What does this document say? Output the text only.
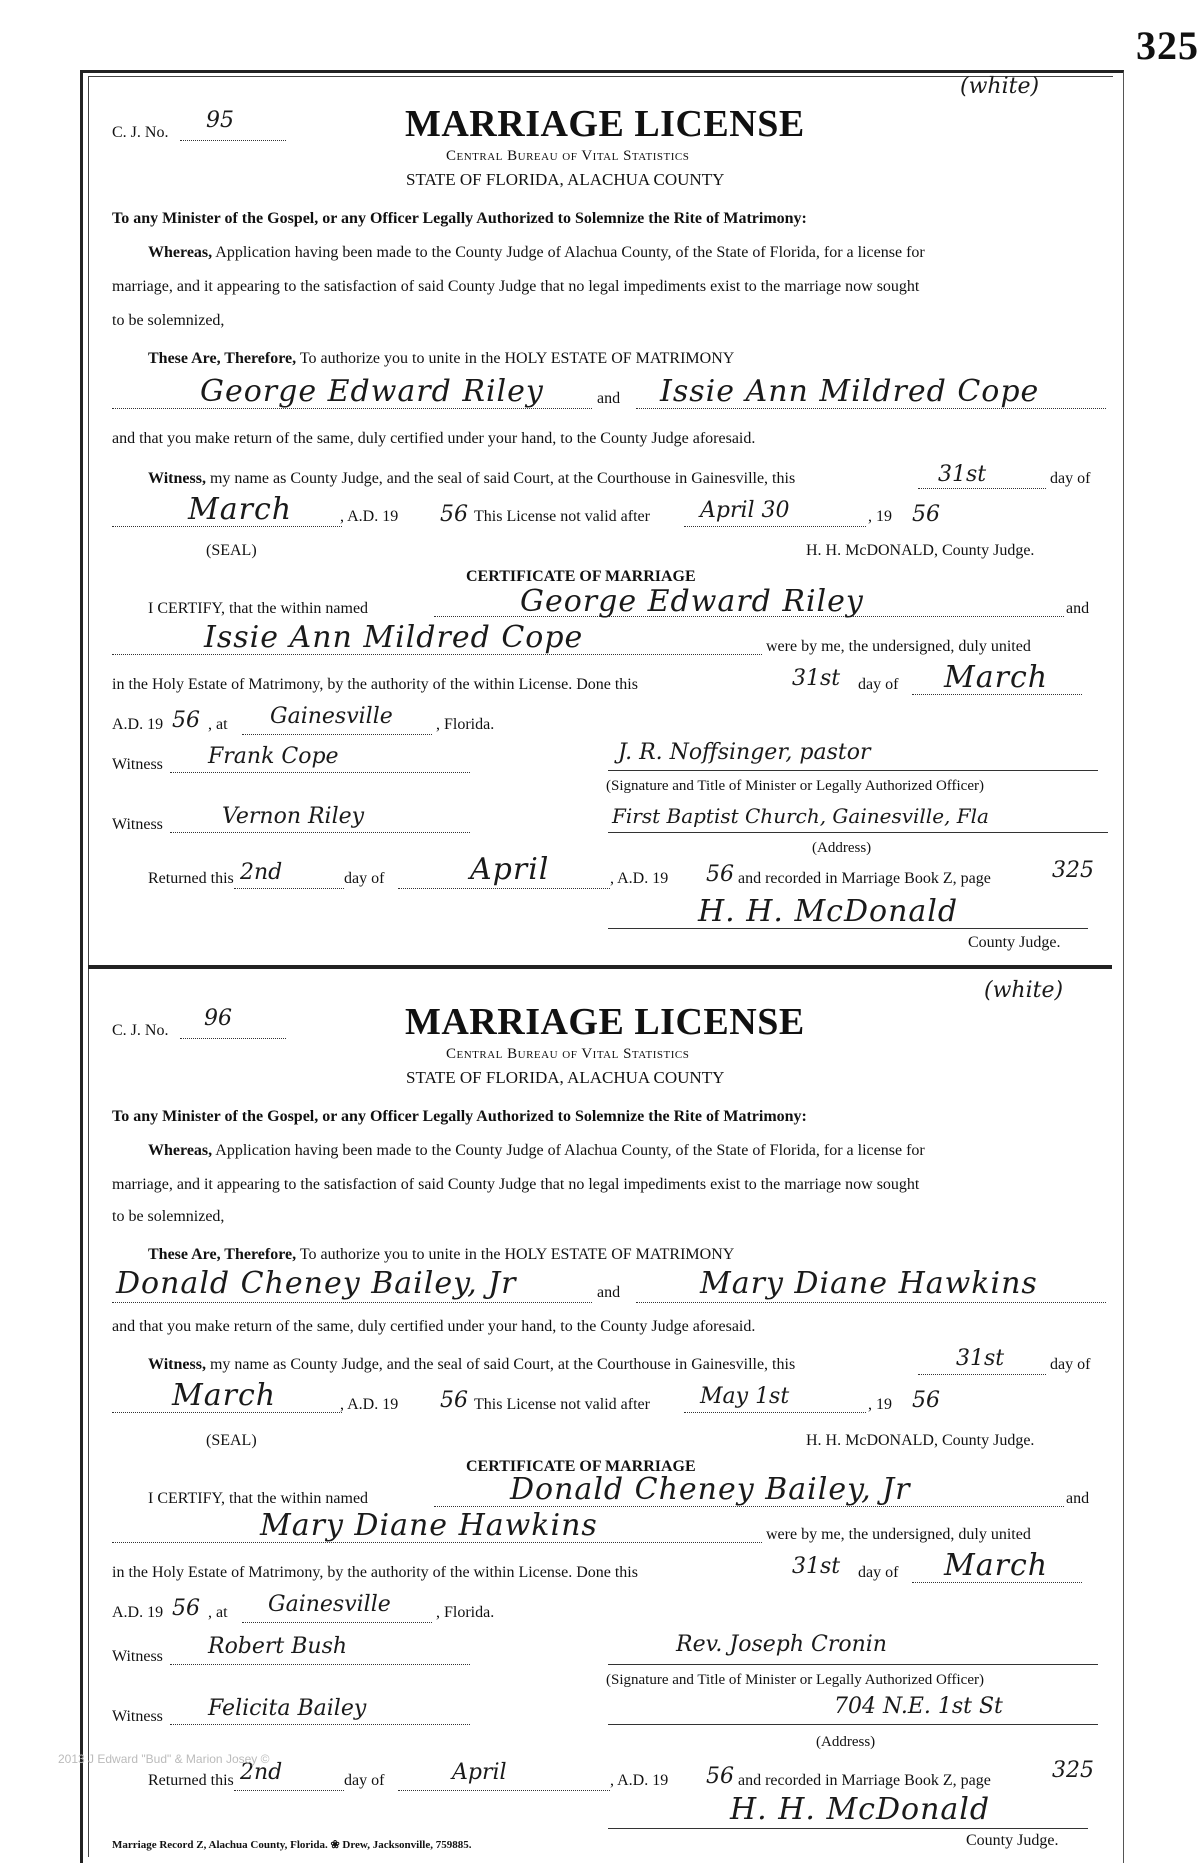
325
(white)
C. J. No. 95	MARRIAGE LICENSE
Central Bureau of Vital Statistics
STATE OF FLORIDA, ALACHUA COUNTY
To any Minister of the Gospel, or any Officer Legally Authorized to Solemnize the Rite of Matrimony:
Whereas, Application having been made to the County Judge of Alachua County, of the State of Florida, for a license for
marriage, and it appearing to the satisfaction of said County Judge that no legal impediments exist to the marriage now sought
to be solemnized,
These Are, Therefore, To authorize you to unite in the HOLY ESTATE OF MATRIMONY
George Edward Riley	and Issie Ann Mildred Cope
and that you make return of the same, duly certified under your hand, to the County Judge aforesaid.
Witness, my name as County Judge, and the seal of said Court, at the Courthouse in Gainesville, this	31st	day of
March	, A.D. 19 56 This License not valid after April 30	, 19 56
(SEAL)	H. H. McDONALD, County Judge.
CERTIFICATE OF MARRIAGE
I CERTIFY, that the within named	George Edward Riley	and
Issie Ann Mildred Cope	were by me, the undersigned, duly united
in the Holy Estate of Matrimony, by the authority of the within License. Done this	31st day of March
A.D. 19 56 , at Gainesville	, Florida.
Witness Frank Cope	J. R. Noffsinger, pastor
(Signature and Title of Minister or Legally Authorized Officer)
Witness	Vernon Riley	First Baptist Church, Gainesville, Fla
(Address)
Returned this 2nd	day of	April	, A.D. 19 56 and recorded in Marriage Book Z, page	325
H. H. McDonald
County Judge.
(white)
C. J. No. 96	MARRIAGE LICENSE
Central Bureau of Vital Statistics
STATE OF FLORIDA, ALACHUA COUNTY
To any Minister of the Gospel, or any Officer Legally Authorized to Solemnize the Rite of Matrimony:
Whereas, Application having been made to the County Judge of Alachua County, of the State of Florida, for a license for
marriage, and it appearing to the satisfaction of said County Judge that no legal impediments exist to the marriage now sought
to be solemnized,
These Are, Therefore, To authorize you to unite in the HOLY ESTATE OF MATRIMONY
Donald Cheney Bailey, Jr	and	Mary Diane Hawkins
and that you make return of the same, duly certified under your hand, to the County Judge aforesaid.
Witness, my name as County Judge, and the seal of said Court, at the Courthouse in Gainesville, this	31st	day of
March	, A.D. 19 56 This License not valid after May 1st	, 19 56
(SEAL)	H. H. McDONALD, County Judge.
CERTIFICATE OF MARRIAGE
I CERTIFY, that the within named	Donald Cheney Bailey, Jr	and
Mary Diane Hawkins	were by me, the undersigned, duly united
in the Holy Estate of Matrimony, by the authority of the within License. Done this	31st day of March
A.D. 19 56 , at Gainesville	, Florida.
Witness Robert Bush	Rev. Joseph Cronin
(Signature and Title of Minister or Legally Authorized Officer)
Witness Felicita Bailey	704 N.E. 1st St
(Address)
Returned this 2nd	day of	April	, A.D. 19 56 and recorded in Marriage Book Z, page	325
H. H. McDonald
County Judge.
2013 J Edward "Bud" & Marion Josey ©
Marriage Record Z, Alachua County, Florida. ❀ Drew, Jacksonville, 759885.
